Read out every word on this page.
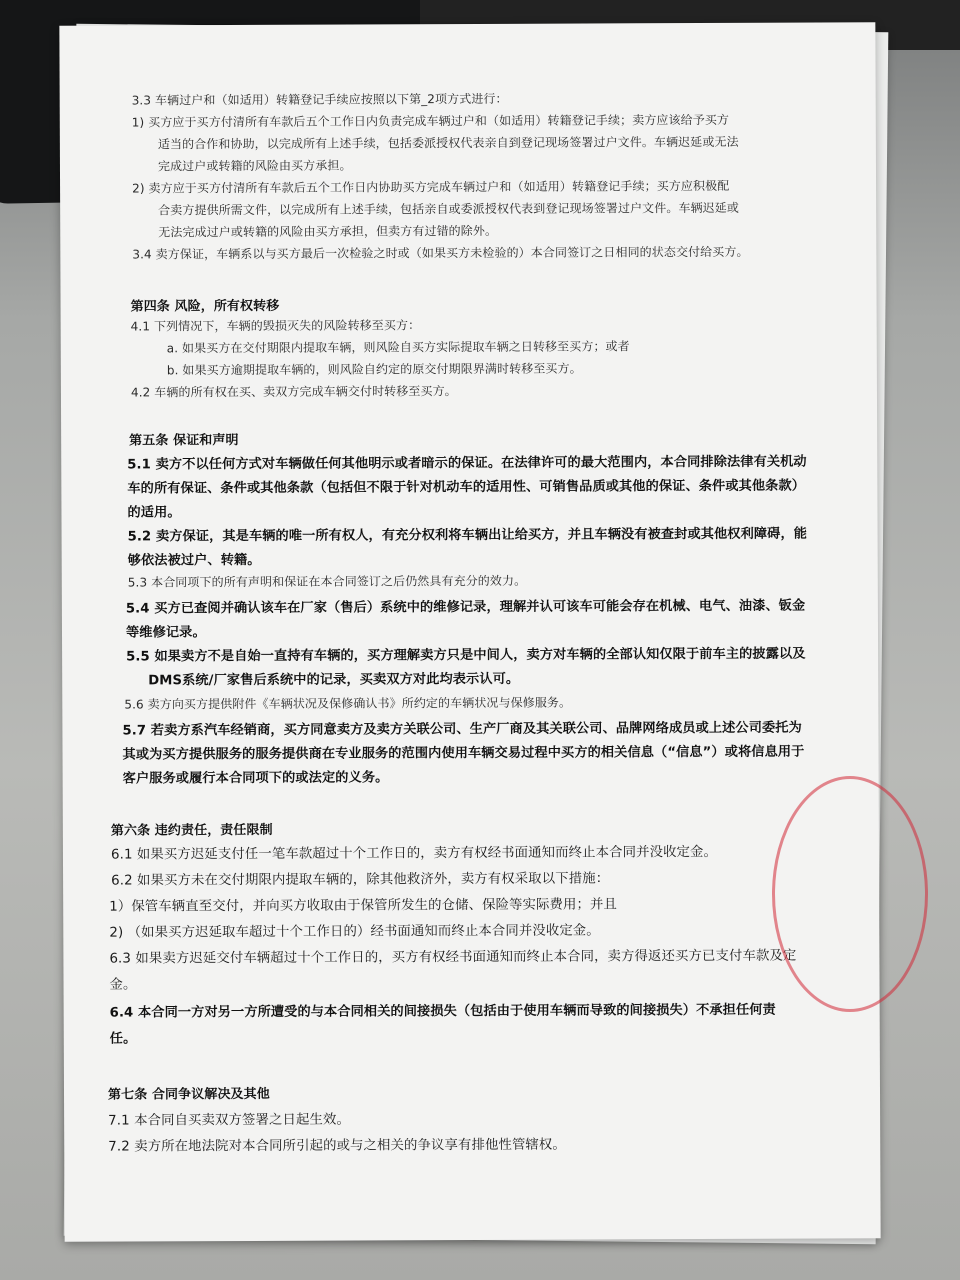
3.3 车辆过户和（如适用）转籍登记手续应按照以下第_2项方式进行：
1) 买方应于买方付清所有车款后五个工作日内负责完成车辆过户和（如适用）转籍登记手续；卖方应该给予买方
适当的合作和协助，以完成所有上述手续，包括委派授权代表亲自到登记现场签署过户文件。车辆迟延或无法
完成过户或转籍的风险由买方承担。
2) 卖方应于买方付清所有车款后五个工作日内协助买方完成车辆过户和（如适用）转籍登记手续；买方应积极配
合卖方提供所需文件，以完成所有上述手续，包括亲自或委派授权代表到登记现场签署过户文件。车辆迟延或
无法完成过户或转籍的风险由买方承担，但卖方有过错的除外。
3.4 卖方保证，车辆系以与买方最后一次检验之时或（如果买方未检验的）本合同签订之日相同的状态交付给买方。
第四条 风险，所有权转移
4.1 下列情况下，车辆的毁损灭失的风险转移至买方：
a. 如果买方在交付期限内提取车辆，则风险自买方实际提取车辆之日转移至买方；或者
b. 如果买方逾期提取车辆的，则风险自约定的原交付期限界满时转移至买方。
4.2 车辆的所有权在买、卖双方完成车辆交付时转移至买方。
第五条 保证和声明
5.1 卖方不以任何方式对车辆做任何其他明示或者暗示的保证。在法律许可的最大范围内，本合同排除法律有关机动
车的所有保证、条件或其他条款（包括但不限于针对机动车的适用性、可销售品质或其他的保证、条件或其他条款）
的适用。
5.2 卖方保证，其是车辆的唯一所有权人，有充分权利将车辆出让给买方，并且车辆没有被查封或其他权利障碍，能
够依法被过户、转籍。
5.3 本合同项下的所有声明和保证在本合同签订之后仍然具有充分的效力。
5.4 买方已查阅并确认该车在厂家（售后）系统中的维修记录，理解并认可该车可能会存在机械、电气、油漆、钣金
等维修记录。
5.5 如果卖方不是自始一直持有车辆的，买方理解卖方只是中间人，卖方对车辆的全部认知仅限于前车主的披露以及
DMS系统/厂家售后系统中的记录，买卖双方对此均表示认可。
5.6 卖方向买方提供附件《车辆状况及保修确认书》所约定的车辆状况与保修服务。
5.7 若卖方系汽车经销商，买方同意卖方及卖方关联公司、生产厂商及其关联公司、品牌网络成员或上述公司委托为
其或为买方提供服务的服务提供商在专业服务的范围内使用车辆交易过程中买方的相关信息（“信息”）或将信息用于
客户服务或履行本合同项下的或法定的义务。
第六条 违约责任，责任限制
6.1 如果买方迟延支付任一笔车款超过十个工作日的，卖方有权经书面通知而终止本合同并没收定金。
6.2 如果买方未在交付期限内提取车辆的，除其他救济外，卖方有权采取以下措施：
1）保管车辆直至交付，并向买方收取由于保管所发生的仓储、保险等实际费用；并且
2) （如果买方迟延取车超过十个工作日的）经书面通知而终止本合同并没收定金。
6.3 如果卖方迟延交付车辆超过十个工作日的，买方有权经书面通知而终止本合同，卖方得返还买方已支付车款及定
金。
6.4 本合同一方对另一方所遭受的与本合同相关的间接损失（包括由于使用车辆而导致的间接损失）不承担任何责
任。
第七条 合同争议解决及其他
7.1 本合同自买卖双方签署之日起生效。
7.2 卖方所在地法院对本合同所引起的或与之相关的争议享有排他性管辖权。
